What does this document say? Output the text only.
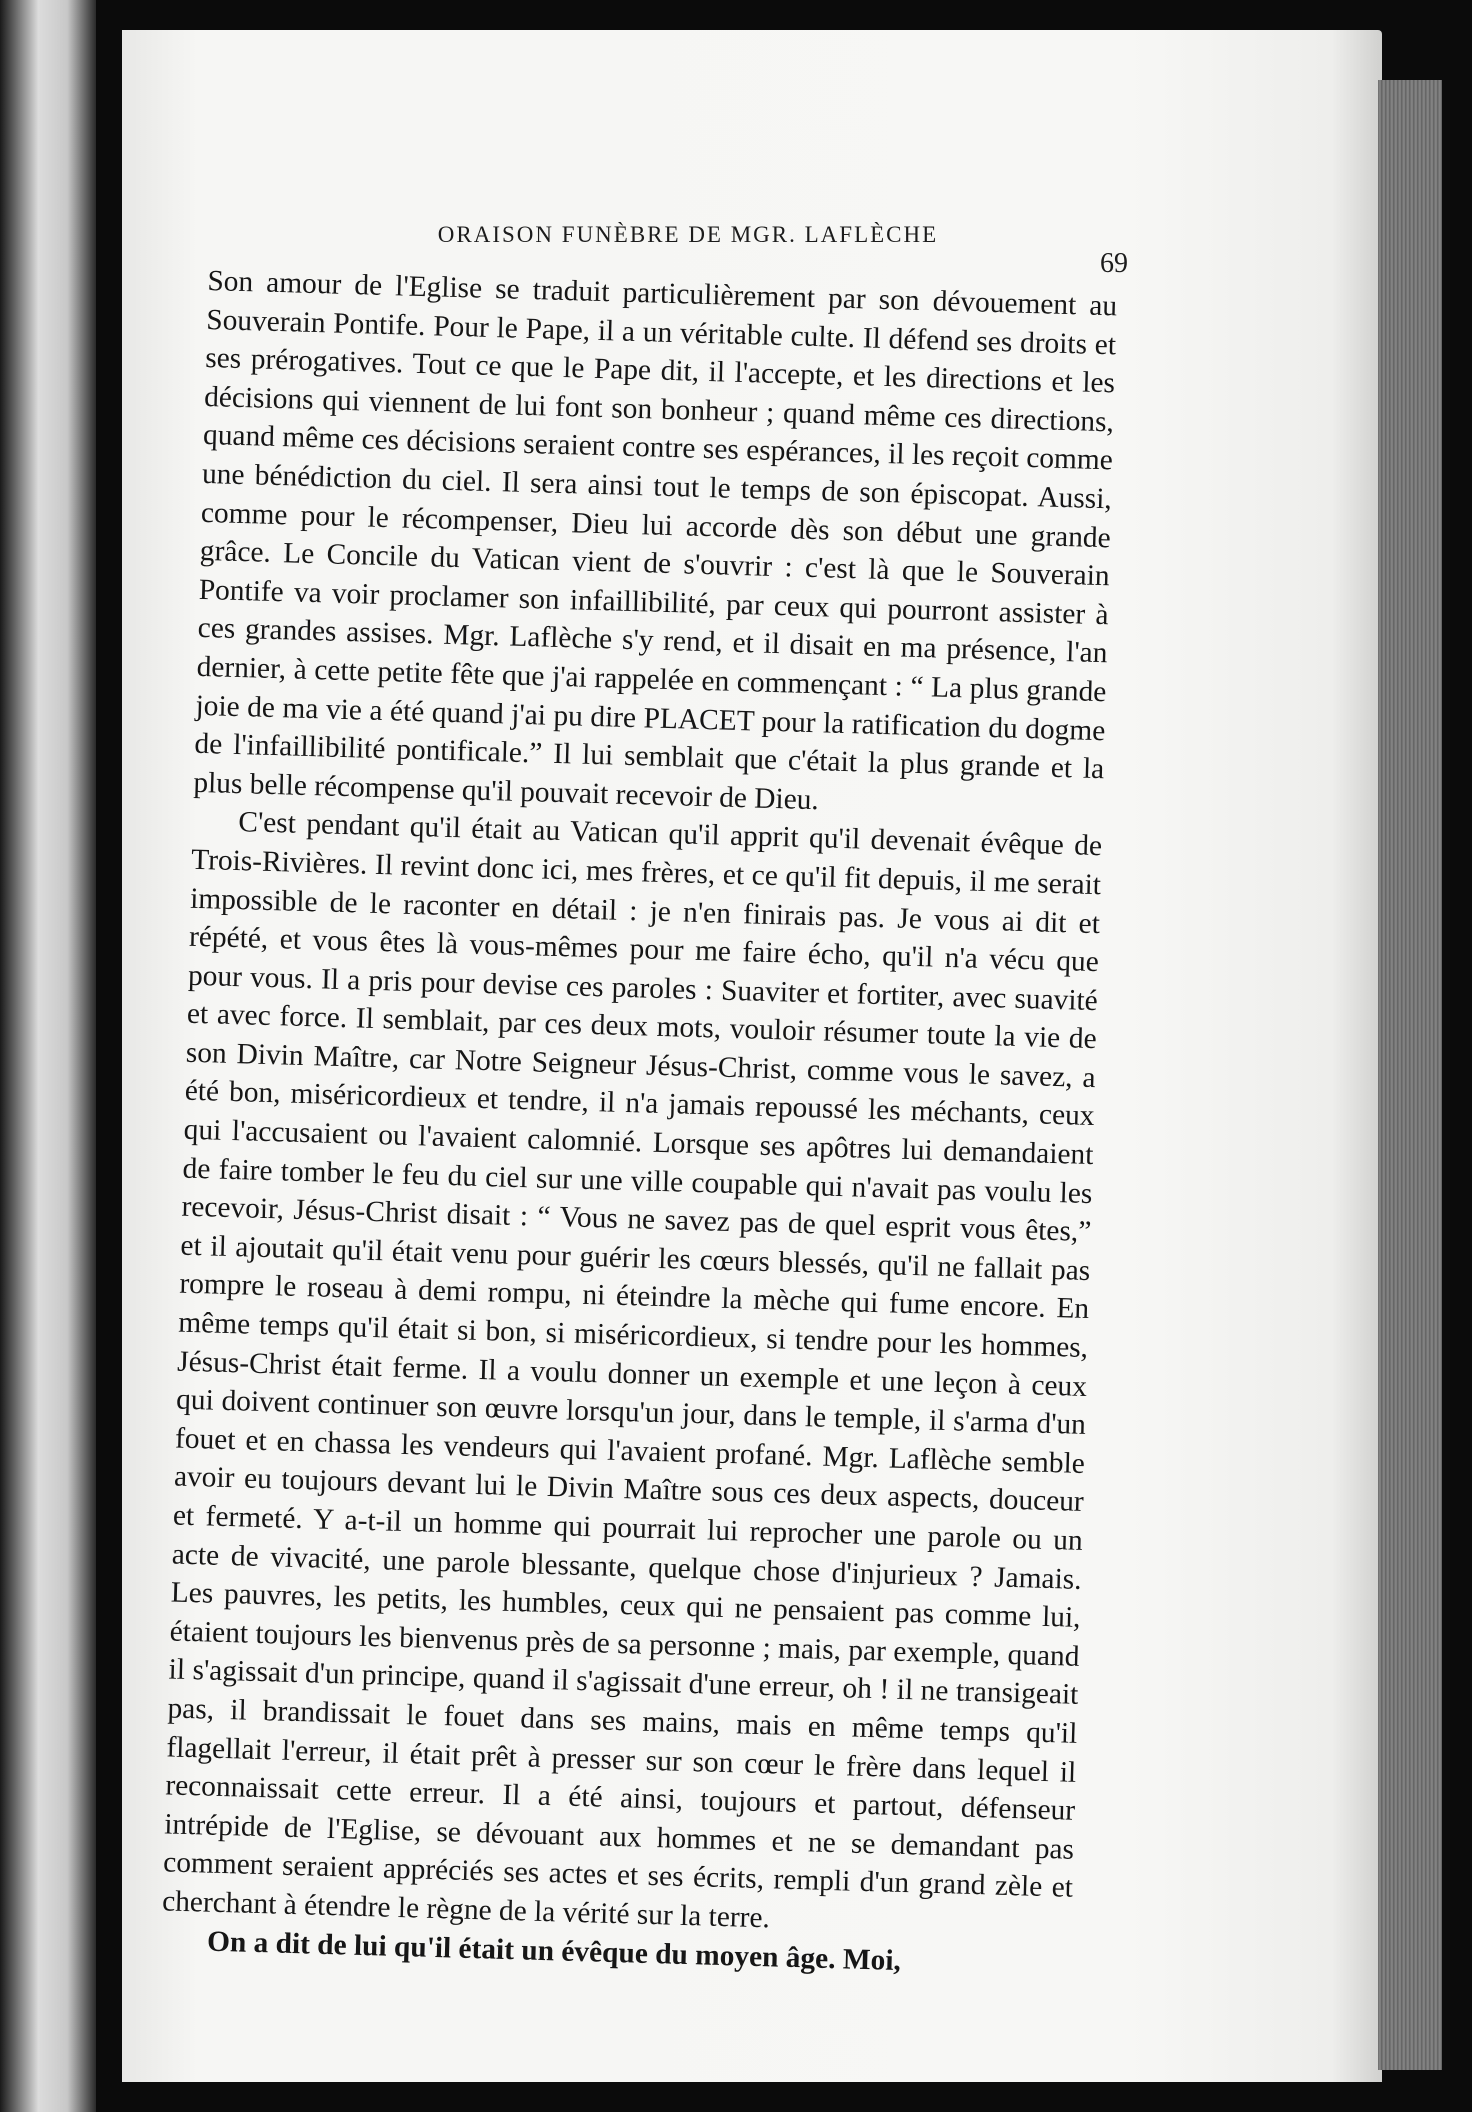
ORAISON FUNÈBRE DE MGR. LAFLÈCHE
69

Son amour de l'Eglise se traduit particulièrement par son dévouement au Souverain Pontife. Pour le Pape, il a un véritable culte. Il défend ses droits et ses prérogatives. Tout ce que le Pape dit, il l'accepte, et les directions et les décisions qui viennent de lui font son bonheur ; quand même ces directions, quand même ces décisions seraient contre ses espérances, il les reçoit comme une bénédiction du ciel. Il sera ainsi tout le temps de son épiscopat. Aussi, comme pour le récompenser, Dieu lui accorde dès son début une grande grâce. Le Concile du Vatican vient de s'ouvrir : c'est là que le Souverain Pontife va voir proclamer son infaillibilité, par ceux qui pourront assister à ces grandes assises. Mgr. Laflèche s'y rend, et il disait en ma présence, l'an dernier, à cette petite fête que j'ai rappelée en commençant : “ La plus grande joie de ma vie a été quand j'ai pu dire PLACET pour la ratification du dogme de l'infaillibilité pontificale.” Il lui semblait que c'était la plus grande et la plus belle récompense qu'il pouvait recevoir de Dieu.

C'est pendant qu'il était au Vatican qu'il apprit qu'il devenait évêque de Trois-Rivières. Il revint donc ici, mes frères, et ce qu'il fit depuis, il me serait impossible de le raconter en détail : je n'en finirais pas. Je vous ai dit et répété, et vous êtes là vous-mêmes pour me faire écho, qu'il n'a vécu que pour vous. Il a pris pour devise ces paroles : Suaviter et fortiter, avec suavité et avec force. Il semblait, par ces deux mots, vouloir résumer toute la vie de son Divin Maître, car Notre Seigneur Jésus-Christ, comme vous le savez, a été bon, miséricordieux et tendre, il n'a jamais repoussé les méchants, ceux qui l'accusaient ou l'avaient calomnié. Lorsque ses apôtres lui demandaient de faire tomber le feu du ciel sur une ville coupable qui n'avait pas voulu les recevoir, Jésus-Christ disait : “ Vous ne savez pas de quel esprit vous êtes,” et il ajoutait qu'il était venu pour guérir les cœurs blessés, qu'il ne fallait pas rompre le roseau à demi rompu, ni éteindre la mèche qui fume encore. En même temps qu'il était si bon, si miséricordieux, si tendre pour les hommes, Jésus-Christ était ferme. Il a voulu donner un exemple et une leçon à ceux qui doivent continuer son œuvre lorsqu'un jour, dans le temple, il s'arma d'un fouet et en chassa les vendeurs qui l'avaient profané. Mgr. Laflèche semble avoir eu toujours devant lui le Divin Maître sous ces deux aspects, douceur et fermeté. Y a-t-il un homme qui pourrait lui reprocher une parole ou un acte de vivacité, une parole blessante, quelque chose d'injurieux ? Jamais. Les pauvres, les petits, les humbles, ceux qui ne pensaient pas comme lui, étaient toujours les bienvenus près de sa personne ; mais, par exemple, quand il s'agissait d'un principe, quand il s'agissait d'une erreur, oh ! il ne transigeait pas, il brandissait le fouet dans ses mains, mais en même temps qu'il flagellait l'erreur, il était prêt à presser sur son cœur le frère dans lequel il reconnaissait cette erreur. Il a été ainsi, toujours et partout, défenseur intrépide de l'Eglise, se dévouant aux hommes et ne se demandant pas comment seraient appréciés ses actes et ses écrits, rempli d'un grand zèle et cherchant à étendre le règne de la vérité sur la terre.

On a dit de lui qu'il était un évêque du moyen âge. Moi,
